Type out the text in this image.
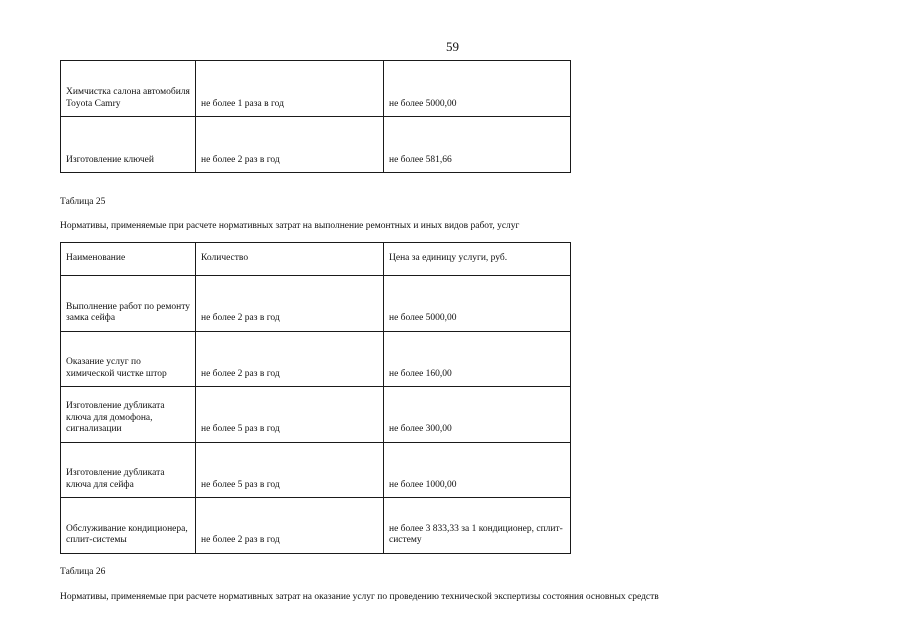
59
Химчистка салона автомобиля Toyota Camry	не более 1 раза в год	не более 5000,00
Изготовление ключей	не более 2 раз в год	не более 581,66
Таблица 25
Нормативы, применяемые при расчете нормативных затрат на выполнение ремонтных и иных видов работ, услуг
Наименование	Количество	Цена за единицу услуги, руб.
Выполнение работ по ремонту замка сейфа	не более 2 раз в год	не более 5000,00
Оказание услуг по химической чистке штор	не более 2 раз в год	не более 160,00
Изготовление дубликата ключа для домофона, сигнализации	не более 5 раз в год	не более 300,00
Изготовление дубликата ключа для сейфа	не более 5 раз в год	не более 1000,00
Обслуживание кондиционера, сплит-системы	не более 2 раз в год	не более 3 833,33 за 1 кондиционер, сплит-систему
Таблица 26
Нормативы, применяемые при расчете нормативных затрат на оказание услуг по проведению технической экспертизы состояния основных средств
